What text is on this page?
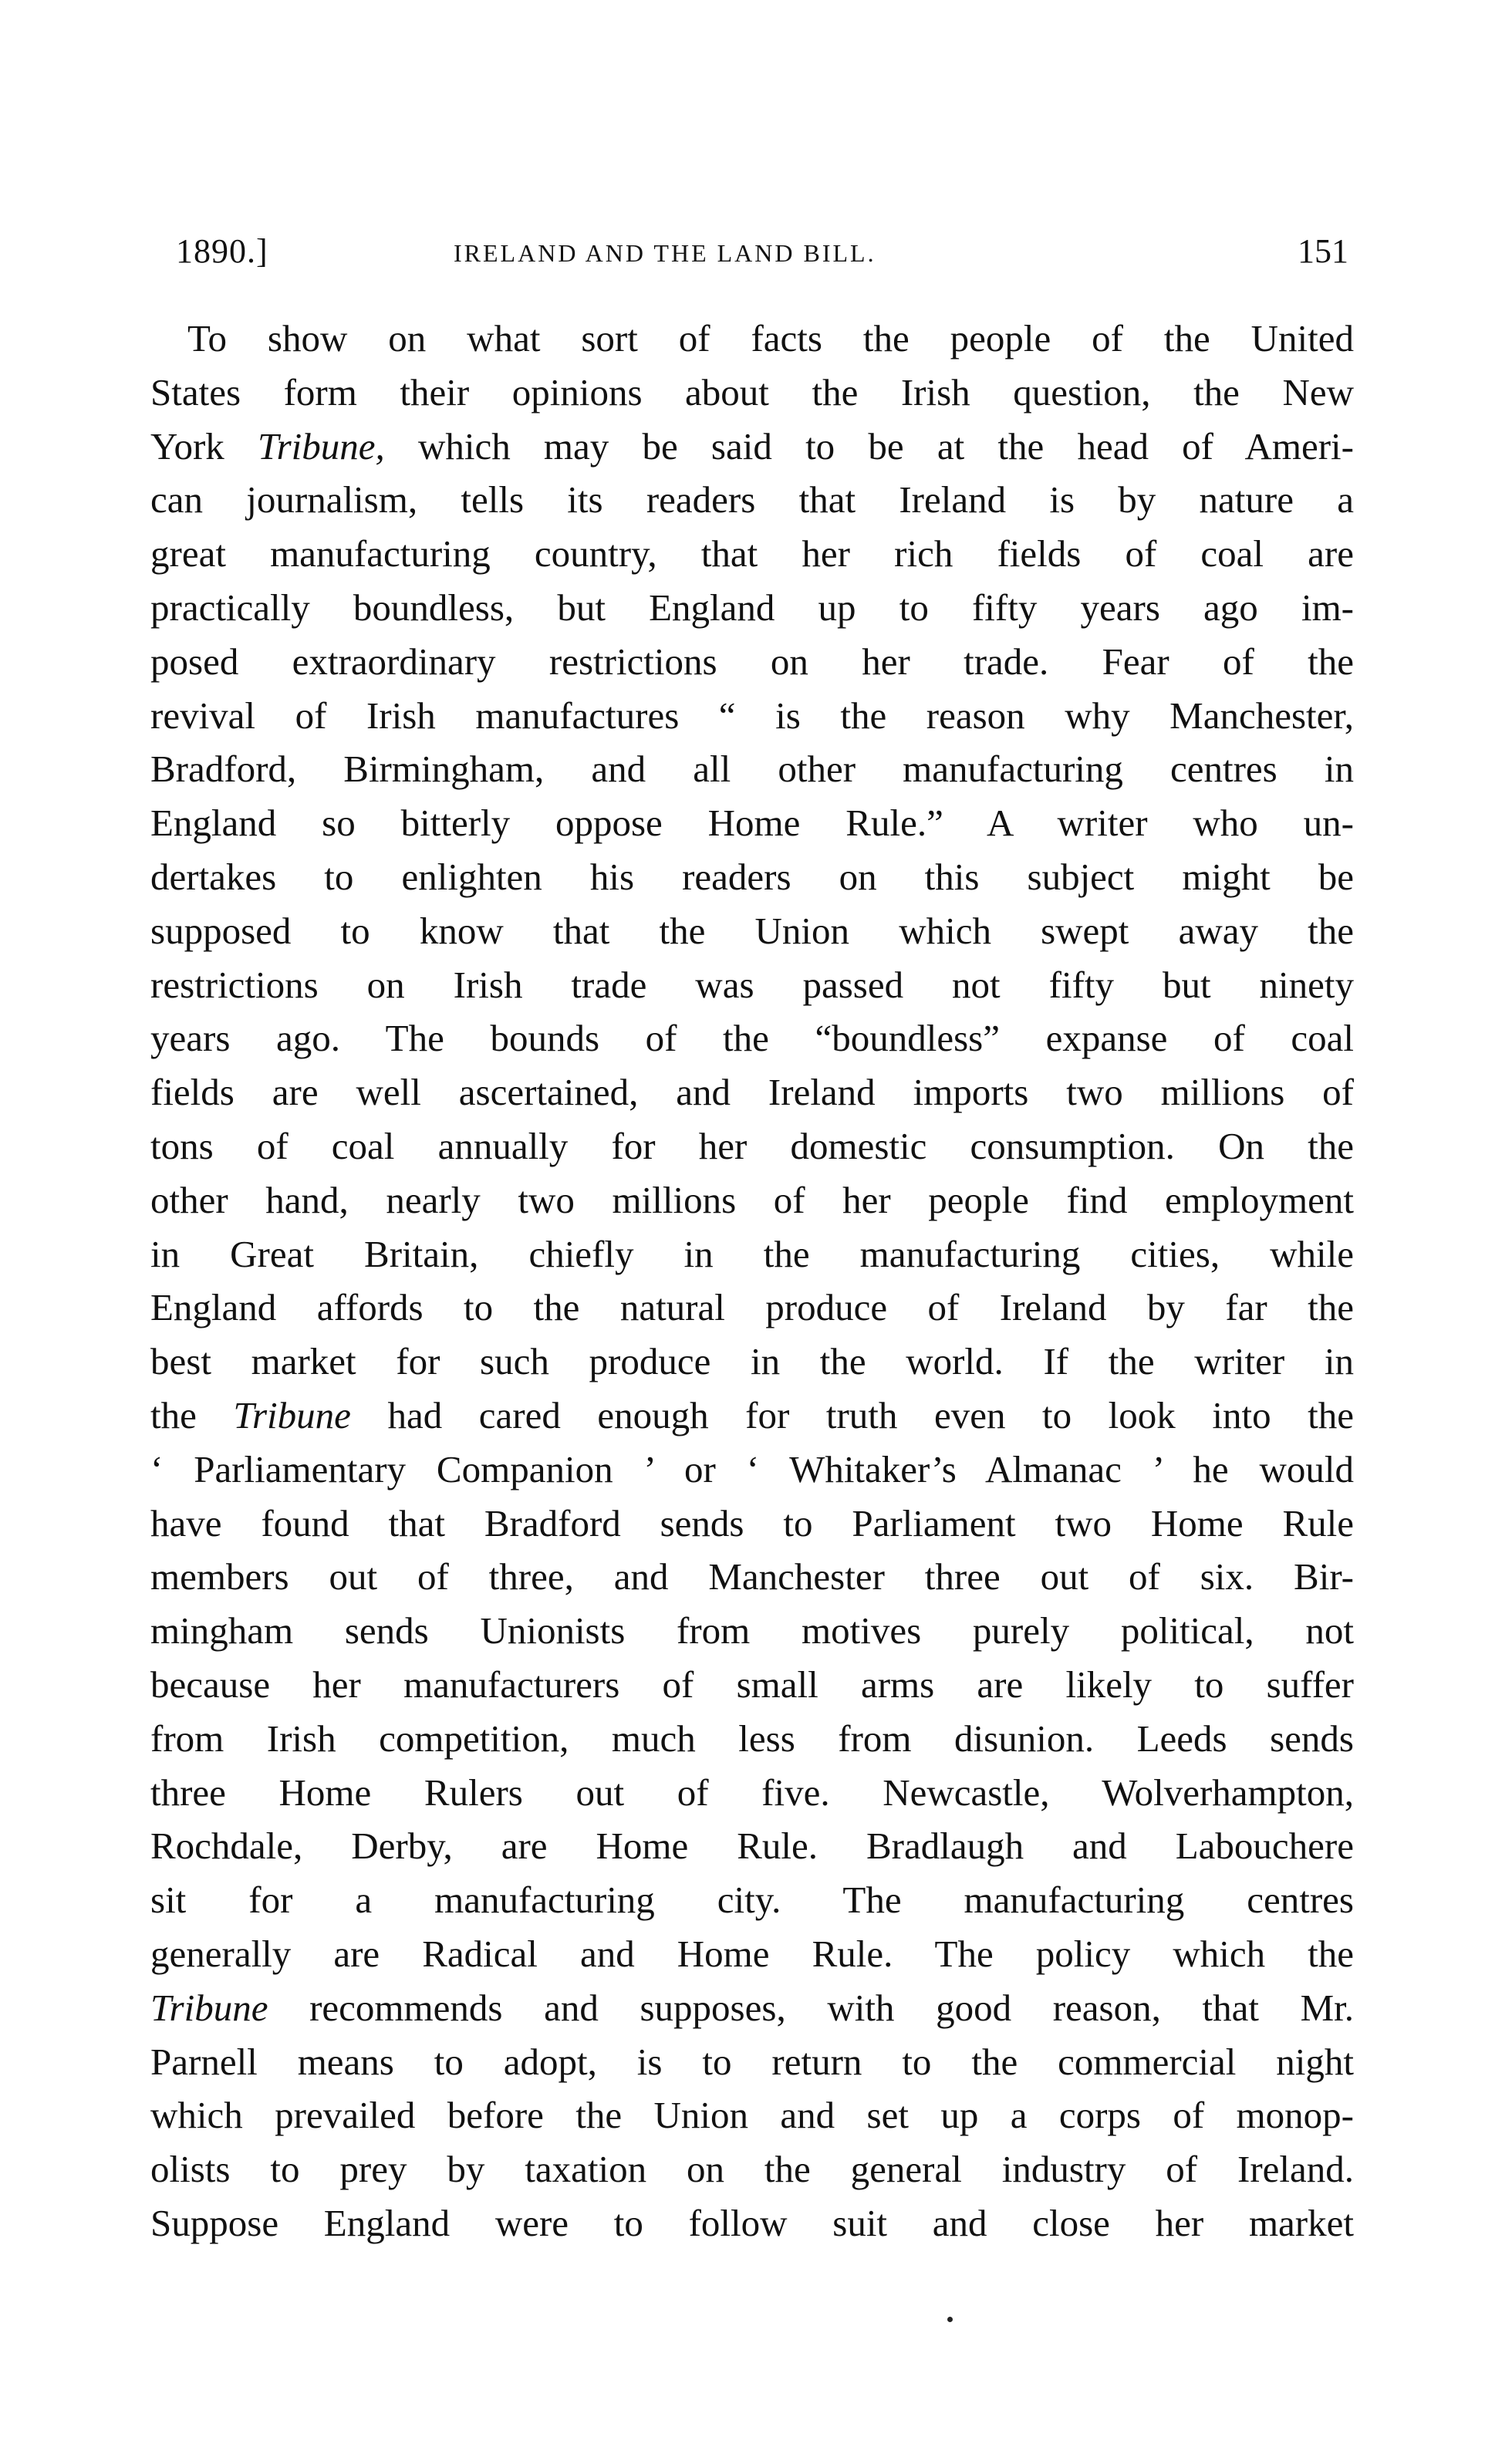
1890.]	IRELAND AND THE LAND BILL.	151
To show on what sort of facts the people of the United
States form their opinions about the Irish question, the New
York Tribune, which may be said to be at the head of Ameri-
can journalism, tells its readers that Ireland is by nature a
great manufacturing country, that her rich fields of coal are
practically boundless, but England up to fifty years ago im-
posed extraordinary restrictions on her trade. Fear of the
revival of Irish manufactures “ is the reason why Manchester,
Bradford, Birmingham, and all other manufacturing centres in
England so bitterly oppose Home Rule.” A writer who un-
dertakes to enlighten his readers on this subject might be
supposed to know that the Union which swept away the
restrictions on Irish trade was passed not fifty but ninety
years ago. The bounds of the “boundless” expanse of coal
fields are well ascertained, and Ireland imports two millions of
tons of coal annually for her domestic consumption. On the
other hand, nearly two millions of her people find employment
in Great Britain, chiefly in the manufacturing cities, while
England affords to the natural produce of Ireland by far the
best market for such produce in the world. If the writer in
the Tribune had cared enough for truth even to look into the
‘ Parliamentary Companion ’ or ‘ Whitaker’s Almanac ’ he would
have found that Bradford sends to Parliament two Home Rule
members out of three, and Manchester three out of six. Bir-
mingham sends Unionists from motives purely political, not
because her manufacturers of small arms are likely to suffer
from Irish competition, much less from disunion. Leeds sends
three Home Rulers out of five. Newcastle, Wolverhampton,
Rochdale, Derby, are Home Rule. Bradlaugh and Labouchere
sit for a manufacturing city. The manufacturing centres
generally are Radical and Home Rule. The policy which the
Tribune recommends and supposes, with good reason, that Mr.
Parnell means to adopt, is to return to the commercial night
which prevailed before the Union and set up a corps of monop-
olists to prey by taxation on the general industry of Ireland.
Suppose England were to follow suit and close her market
